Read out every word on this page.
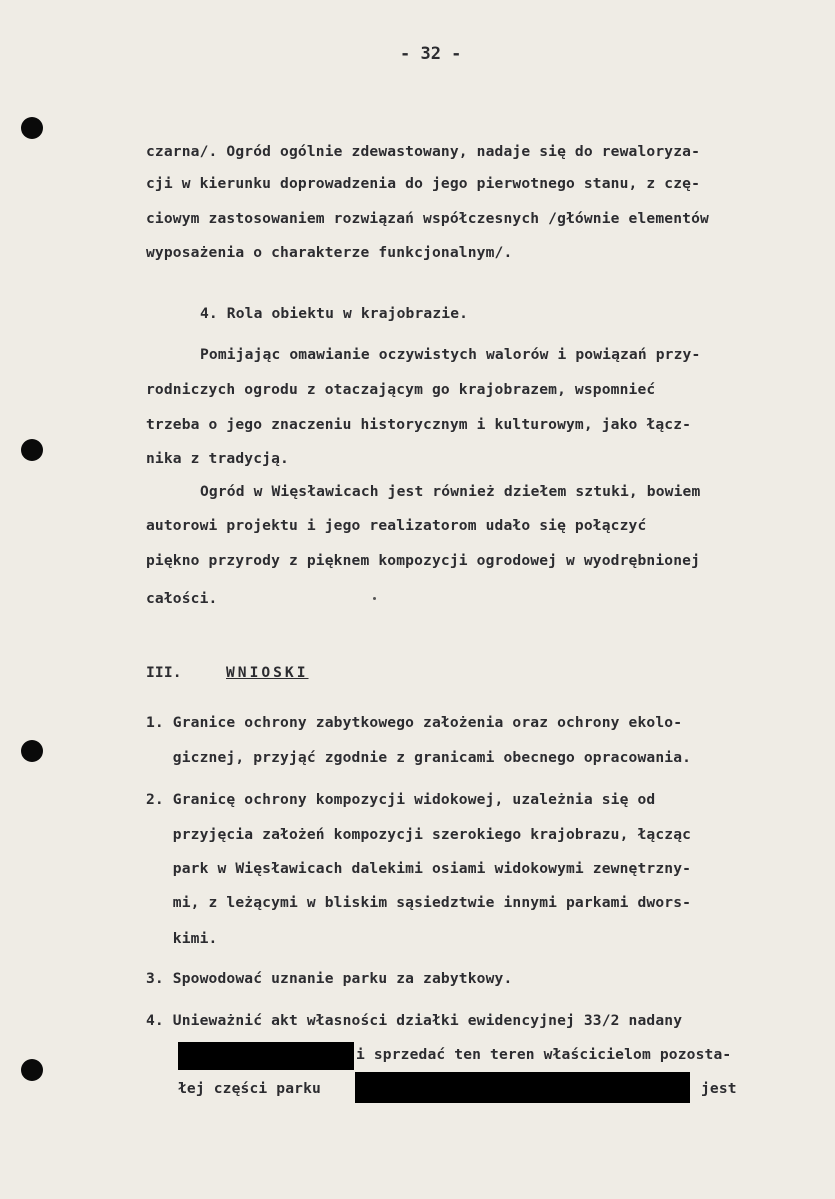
- 32 -
czarna/. Ogród ogólnie zdewastowany, nadaje się do rewaloryza-
cji w kierunku doprowadzenia do jego pierwotnego stanu, z czę-
ciowym zastosowaniem rozwiązań współczesnych /głównie elementów
wyposażenia o charakterze funkcjonalnym/.
4. Rola obiektu w krajobrazie.
Pomijając omawianie oczywistych walorów i powiązań przy-
rodniczych ogrodu z otaczającym go krajobrazem, wspomnieć
trzeba o jego znaczeniu historycznym i kulturowym, jako łącz-
nika z tradycją.
Ogród w Więsławicach jest również dziełem sztuki, bowiem
autorowi projektu i jego realizatorom udało się połączyć
piękno przyrody z pięknem kompozycji ogrodowej w wyodrębnionej
całości.
III.	WNIOSKI
1. Granice ochrony zabytkowego założenia oraz ochrony ekolo-
gicznej, przyjąć zgodnie z granicami obecnego opracowania.
2. Granicę ochrony kompozycji widokowej, uzależnia się od
przyjęcia założeń kompozycji szerokiego krajobrazu, łącząc
park w Więsławicach dalekimi osiami widokowymi zewnętrzny-
mi, z leżącymi w bliskim sąsiedztwie innymi parkami dwors-
kimi.
3. Spowodować uznanie parku za zabytkowy.
4. Unieważnić akt własności działki ewidencyjnej 33/2 nadany
i sprzedać ten teren właścicielom pozosta-
łej części parku	jest
